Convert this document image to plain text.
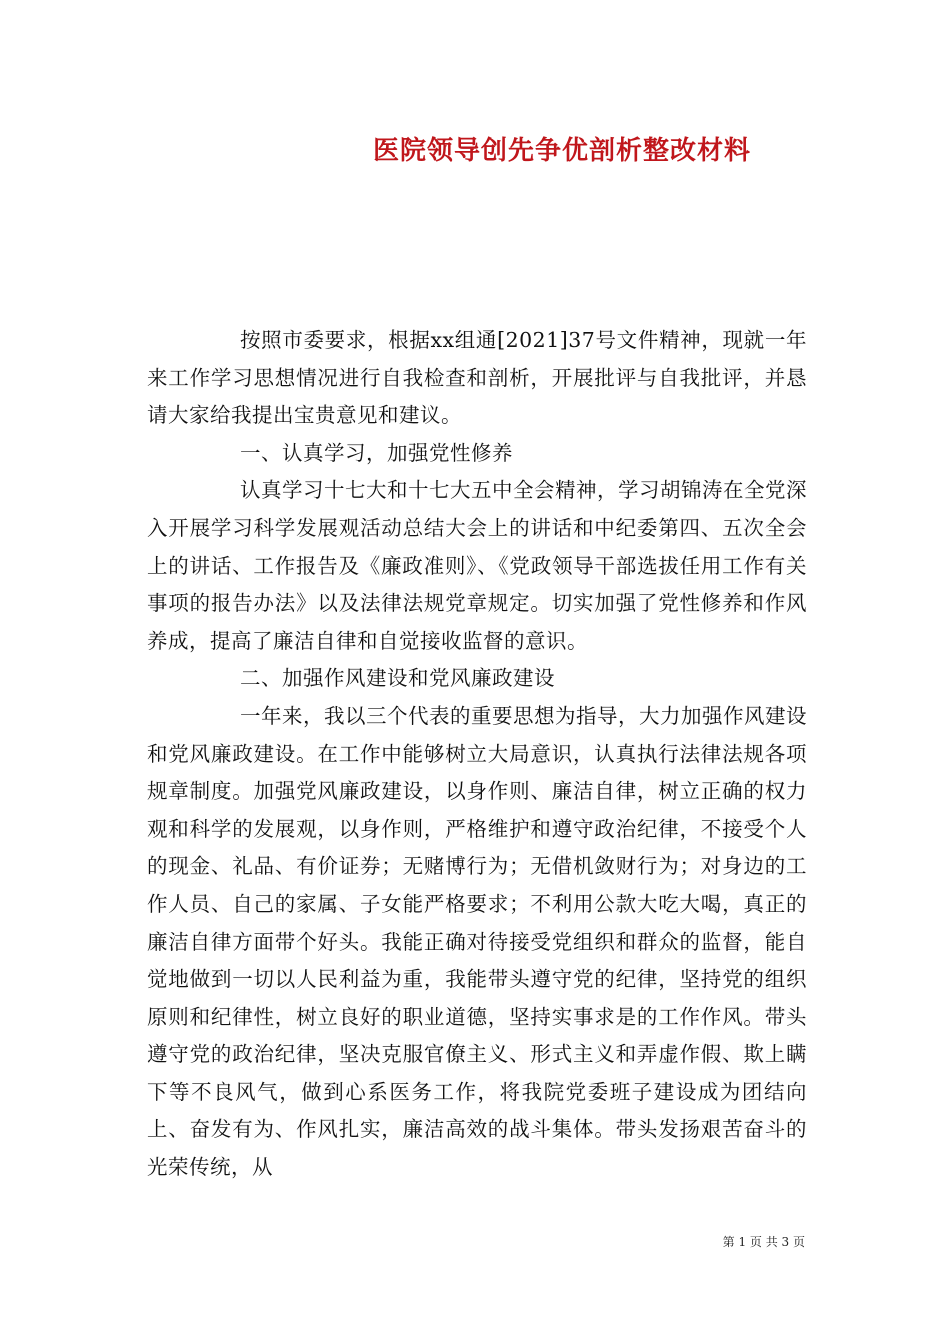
医院领导创先争优剖析整改材料

按照市委要求，根据xx组通[2021]37号文件精神，现就一年来工作学习思想情况进行自我检查和剖析，开展批评与自我批评，并恳请大家给我提出宝贵意见和建议。

一、认真学习，加强党性修养

认真学习十七大和十七大五中全会精神，学习胡锦涛在全党深入开展学习科学发展观活动总结大会上的讲话和中纪委第四、五次全会上的讲话、工作报告及《廉政准则》、《党政领导干部选拔任用工作有关事项的报告办法》以及法律法规党章规定。切实加强了党性修养和作风养成，提高了廉洁自律和自觉接收监督的意识。

二、加强作风建设和党风廉政建设

一年来，我以三个代表的重要思想为指导，大力加强作风建设和党风廉政建设。在工作中能够树立大局意识，认真执行法律法规各项规章制度。加强党风廉政建设，以身作则、廉洁自律，树立正确的权力观和科学的发展观，以身作则，严格维护和遵守政治纪律，不接受个人的现金、礼品、有价证券；无赌博行为；无借机敛财行为；对身边的工作人员、自己的家属、子女能严格要求；不利用公款大吃大喝，真正的廉洁自律方面带个好头。我能正确对待接受党组织和群众的监督，能自觉地做到一切以人民利益为重，我能带头遵守党的纪律，坚持党的组织原则和纪律性，树立良好的职业道德，坚持实事求是的工作作风。带头遵守党的政治纪律，坚决克服官僚主义、形式主义和弄虚作假、欺上瞒下等不良风气，做到心系医务工作，将我院党委班子建设成为团结向上、奋发有为、作风扎实，廉洁高效的战斗集体。带头发扬艰苦奋斗的光荣传统，从

第 1 页 共 3 页
